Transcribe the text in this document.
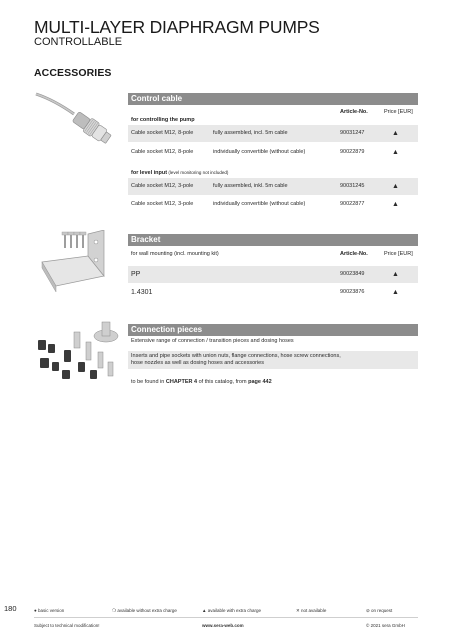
MULTI-LAYER DIAPHRAGM PUMPS
CONTROLLABLE
ACCESSORIES
Control cable
Article-No.	Price [EUR]
for controlling the pump
Cable socket M12, 8-pole	fully assembled, incl. 5m cable	90031247	▲
Cable socket M12, 8-pole	individually convertible (without cable)	90022879	▲
for level input (level monitoring not included)
Cable socket M12, 3-pole	fully assembled, inkl. 5m cable	90031245	▲
Cable socket M12, 3-pole	individually convertible (without cable)	90022877	▲
Bracket
for wall mounting (incl. mounting kit)	Article-No.	Price [EUR]
PP	90023849	▲
1.4301	90023876	▲
Connection pieces
Extensive range of connection / transition pieces and dosing hoses
Inserts and pipe sockets with union nuts, flange connections, hose screw connections,
hose nozzles as well as dosing hoses and accessories
to be found in CHAPTER 4 of this catalog, from page 442
180	● basic version	❍ available without extra charge	▲ available with extra charge	✕ not available	⊘ on request
Subject to technical modification!	www.sera-web.com	© 2021 sera GmbH
